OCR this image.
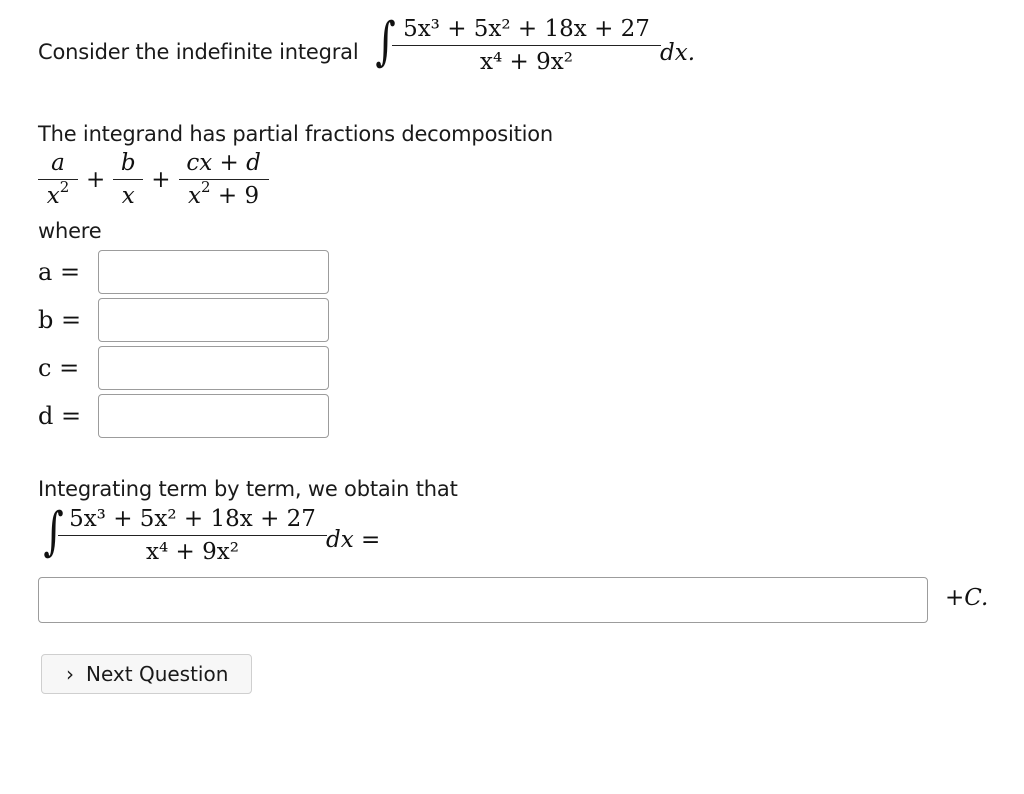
Consider the indefinite integral ∫
$\frac{\text{5x³ + 5x² + 18x + 27}}{\text{x⁴ + 9x²}}$ dx.
The integrand has partial fractions decomposition
$\frac{a}{x^2} + \frac{b}{x} + \frac{cx + d}{x^2 + 9}$
where
a =
b =
c =
d =
Integrating term by term, we obtain that
∫
$\frac{\text{5x³ + 5x² + 18x + 27}}{\text{x⁴ + 9x²}}$ dx =
+C.
› Next Question
